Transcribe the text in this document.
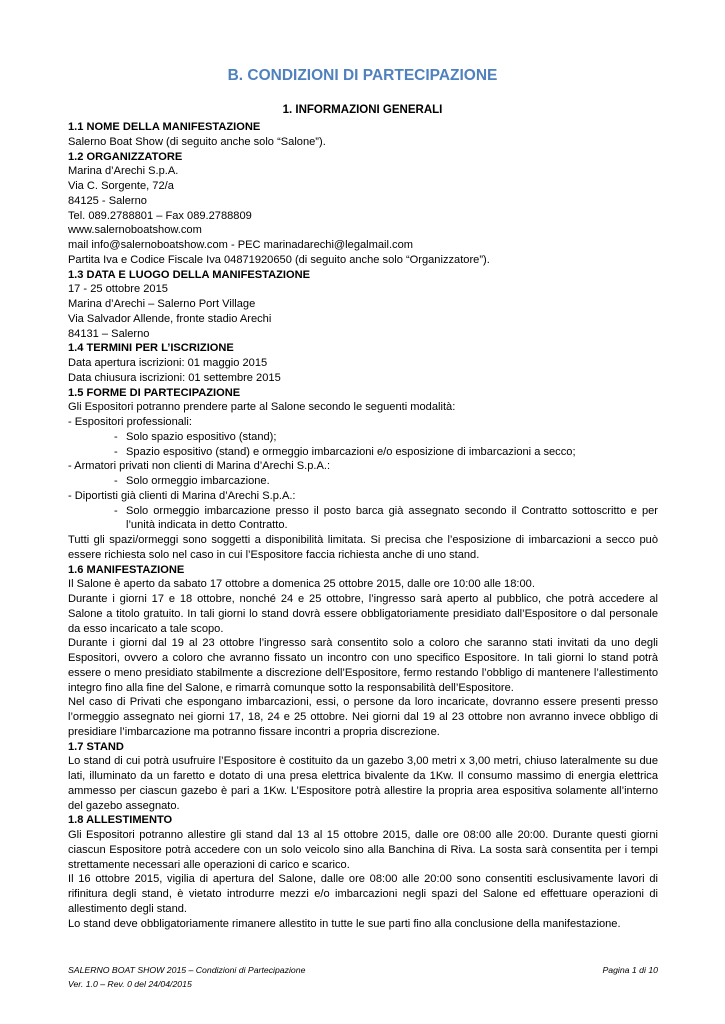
B. CONDIZIONI DI PARTECIPAZIONE
1. INFORMAZIONI GENERALI

1.1 NOME DELLA MANIFESTAZIONE

Salerno Boat Show (di seguito anche solo “Salone”).

1.2 ORGANIZZATORE

Marina d’Arechi S.p.A.

Via C. Sorgente, 72/a

84125 - Salerno

Tel. 089.2788801 – Fax 089.2788809

www.salernoboatshow.com

mail info@salernoboatshow.com - PEC marinadarechi@legalmail.com

Partita Iva e Codice Fiscale Iva 04871920650 (di seguito anche solo “Organizzatore”).

1.3 DATA E LUOGO DELLA MANIFESTAZIONE

17 - 25 ottobre 2015

Marina d’Arechi – Salerno Port Village

Via Salvador Allende, fronte stadio Arechi

84131 – Salerno

1.4 TERMINI PER L’ISCRIZIONE

Data apertura iscrizioni: 01 maggio 2015

Data chiusura iscrizioni: 01 settembre 2015

1.5 FORME DI PARTECIPAZIONE

Gli Espositori potranno prendere parte al Salone secondo le seguenti modalità:

- Espositori professionali:

- Solo spazio espositivo (stand);

- Spazio espositivo (stand) e ormeggio imbarcazioni e/o esposizione di imbarcazioni a secco;

- Armatori privati non clienti di Marina d’Arechi S.p.A.:

- Solo ormeggio imbarcazione.

- Diportisti già clienti di Marina d’Arechi S.p.A.:

- Solo ormeggio imbarcazione presso il posto barca già assegnato secondo il Contratto sottoscritto e per l’unità indicata in detto Contratto.

Tutti gli spazi/ormeggi sono soggetti a disponibilità limitata. Si precisa che l’esposizione di imbarcazioni a secco può essere richiesta solo nel caso in cui l’Espositore faccia richiesta anche di uno stand.

1.6 MANIFESTAZIONE

Il Salone è aperto da sabato 17 ottobre a domenica 25 ottobre 2015, dalle ore 10:00 alle 18:00.

Durante i giorni 17 e 18 ottobre, nonché 24 e 25 ottobre, l’ingresso sarà aperto al pubblico, che potrà accedere al Salone a titolo gratuito. In tali giorni lo stand dovrà essere obbligatoriamente presidiato dall’Espositore o dal personale da esso incaricato a tale scopo.

Durante i giorni dal 19 al 23 ottobre l’ingresso sarà consentito solo a coloro che saranno stati invitati da uno degli Espositori, ovvero a coloro che avranno fissato un incontro con uno specifico Espositore. In tali giorni lo stand potrà essere o meno presidiato stabilmente a discrezione dell’Espositore, fermo restando l’obbligo di mantenere l’allestimento integro fino alla fine del Salone, e rimarrà comunque sotto la responsabilità dell’Espositore.

Nel caso di Privati che espongano imbarcazioni, essi, o persone da loro incaricate, dovranno essere presenti presso l’ormeggio assegnato nei giorni 17, 18, 24 e 25 ottobre. Nei giorni dal 19 al 23 ottobre non avranno invece obbligo di presidiare l’imbarcazione ma potranno fissare incontri a propria discrezione.

1.7 STAND

Lo stand di cui potrà usufruire l’Espositore è costituito da un gazebo 3,00 metri x 3,00 metri, chiuso lateralmente su due lati, illuminato da un faretto e dotato di una presa elettrica bivalente da 1Kw. Il consumo massimo di energia elettrica ammesso per ciascun gazebo è pari a 1Kw. L’Espositore potrà allestire la propria area espositiva solamente all’interno del gazebo assegnato.

1.8 ALLESTIMENTO

Gli Espositori potranno allestire gli stand dal 13 al 15 ottobre 2015, dalle ore 08:00 alle 20:00. Durante questi giorni ciascun Espositore potrà accedere con un solo veicolo sino alla Banchina di Riva. La sosta sarà consentita per i tempi strettamente necessari alle operazioni di carico e scarico.

Il 16 ottobre 2015, vigilia di apertura del Salone, dalle ore 08:00 alle 20:00 sono consentiti esclusivamente lavori di rifinitura degli stand, è vietato introdurre mezzi e/o imbarcazioni negli spazi del Salone ed effettuare operazioni di allestimento degli stand.

Lo stand deve obbligatoriamente rimanere allestito in tutte le sue parti fino alla conclusione della manifestazione.

SALERNO BOAT SHOW 2015 – Condizioni di Partecipazione	Pagina 1 di 10
Ver. 1.0 – Rev. 0 del 24/04/2015
